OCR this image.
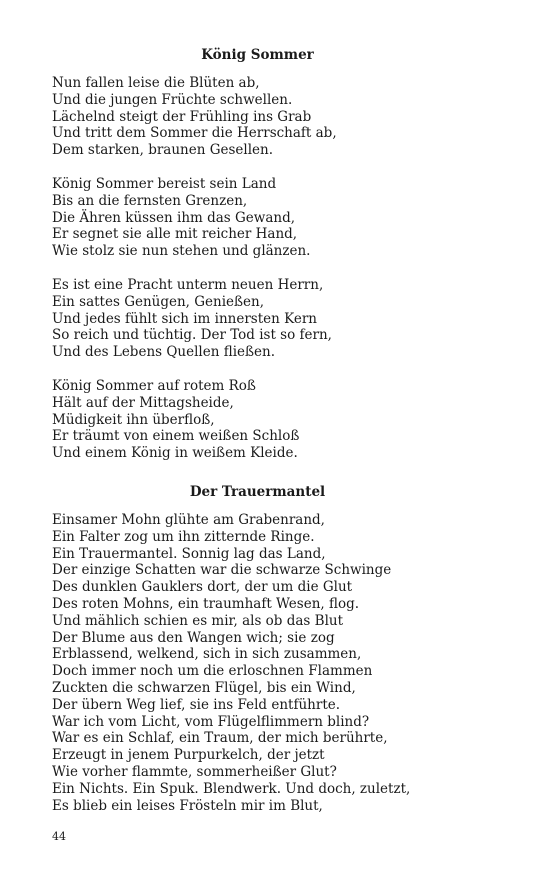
König Sommer
Nun fallen leise die Blüten ab,
Und die jungen Früchte schwellen.
Lächelnd steigt der Frühling ins Grab
Und tritt dem Sommer die Herrschaft ab,
Dem starken, braunen Gesellen.
König Sommer bereist sein Land
Bis an die fernsten Grenzen,
Die Ähren küssen ihm das Gewand,
Er segnet sie alle mit reicher Hand,
Wie stolz sie nun stehen und glänzen.
Es ist eine Pracht unterm neuen Herrn,
Ein sattes Genügen, Genießen,
Und jedes fühlt sich im innersten Kern
So reich und tüchtig. Der Tod ist so fern,
Und des Lebens Quellen fließen.
König Sommer auf rotem Roß
Hält auf der Mittagsheide,
Müdigkeit ihn überfloß,
Er träumt von einem weißen Schloß
Und einem König in weißem Kleide.
Der Trauermantel
Einsamer Mohn glühte am Grabenrand,
Ein Falter zog um ihn zitternde Ringe.
Ein Trauermantel. Sonnig lag das Land,
Der einzige Schatten war die schwarze Schwinge
Des dunklen Gauklers dort, der um die Glut
Des roten Mohns, ein traumhaft Wesen, flog.
Und mählich schien es mir, als ob das Blut
Der Blume aus den Wangen wich; sie zog
Erblassend, welkend, sich in sich zusammen,
Doch immer noch um die erloschnen Flammen
Zuckten die schwarzen Flügel, bis ein Wind,
Der übern Weg lief, sie ins Feld entführte.
War ich vom Licht, vom Flügelflimmern blind?
War es ein Schlaf, ein Traum, der mich berührte,
Erzeugt in jenem Purpurkelch, der jetzt
Wie vorher flammte, sommerheißer Glut?
Ein Nichts. Ein Spuk. Blendwerk. Und doch, zuletzt,
Es blieb ein leises Frösteln mir im Blut,
44
